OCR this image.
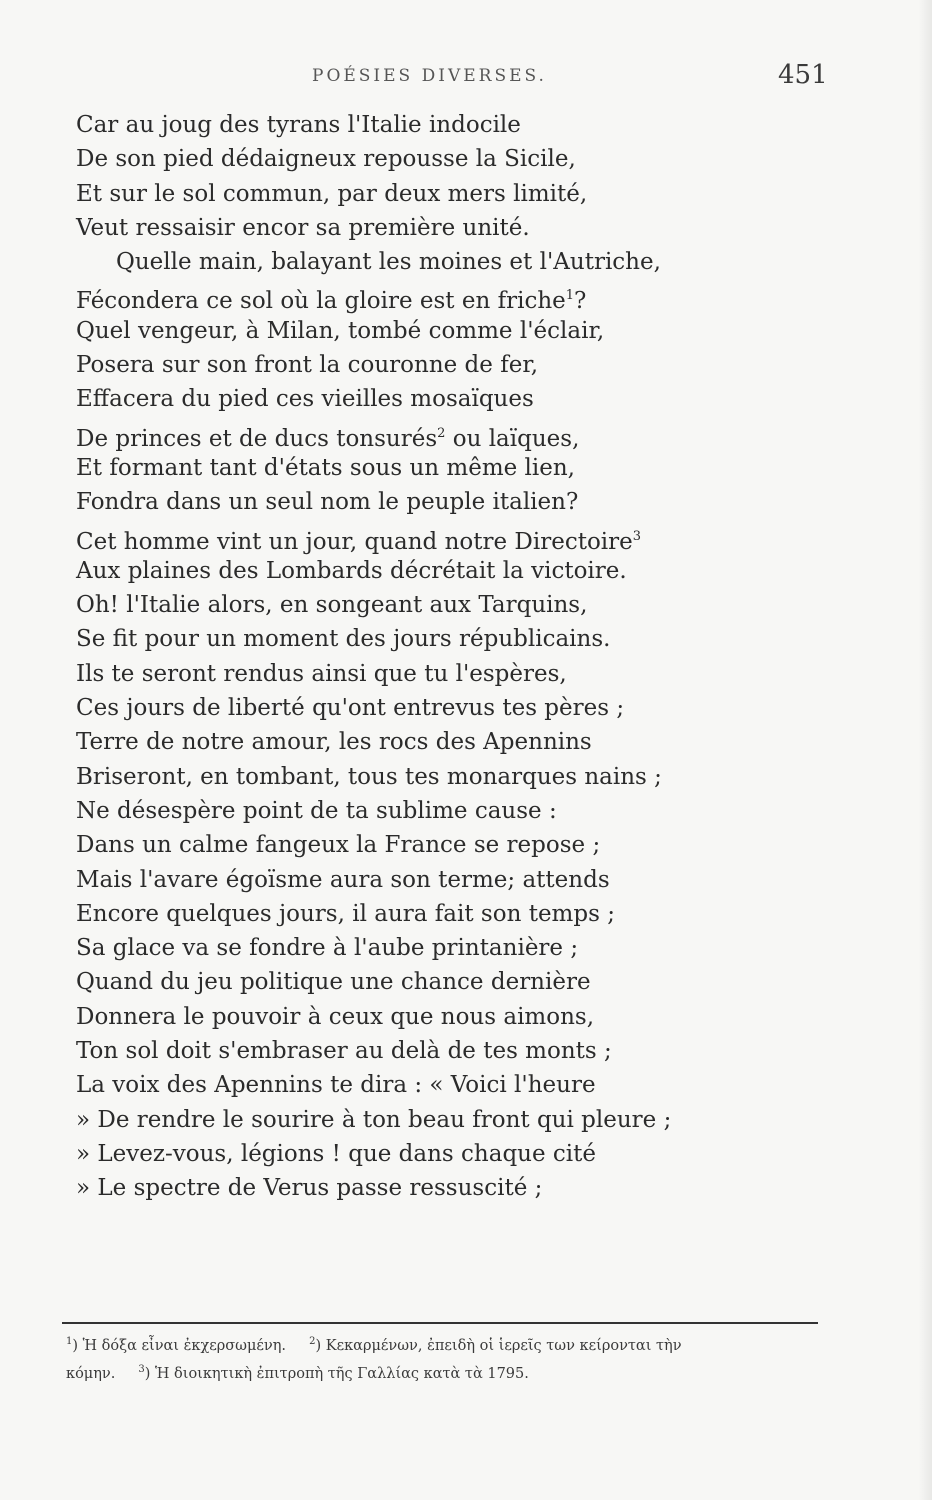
POÉSIES DIVERSES.	451
Car au joug des tyrans l'Italie indocile
De son pied dédaigneux repousse la Sicile,
Et sur le sol commun, par deux mers limité,
Veut ressaisir encor sa première unité.
Quelle main, balayant les moines et l'Autriche,
Fécondera ce sol où la gloire est en friche$^1$?
Quel vengeur, à Milan, tombé comme l'éclair,
Posera sur son front la couronne de fer,
Effacera du pied ces vieilles mosaïques
De princes et de ducs tonsurés$^2$ ou laïques,
Et formant tant d'états sous un même lien,
Fondra dans un seul nom le peuple italien?
Cet homme vint un jour, quand notre Directoire$^3$
Aux plaines des Lombards décrétait la victoire.
Oh! l'Italie alors, en songeant aux Tarquins,
Se fit pour un moment des jours républicains.
Ils te seront rendus ainsi que tu l'espères,
Ces jours de liberté qu'ont entrevus tes pères ;
Terre de notre amour, les rocs des Apennins
Briseront, en tombant, tous tes monarques nains ;
Ne désespère point de ta sublime cause :
Dans un calme fangeux la France se repose ;
Mais l'avare égoïsme aura son terme; attends
Encore quelques jours, il aura fait son temps ;
Sa glace va se fondre à l'aube printanière ;
Quand du jeu politique une chance dernière
Donnera le pouvoir à ceux que nous aimons,
Ton sol doit s'embraser au delà de tes monts ;
La voix des Apennins te dira : « Voici l'heure
» De rendre le sourire à ton beau front qui pleure ;
» Levez-vous, légions ! que dans chaque cité
» Le spectre de Verus passe ressuscité ;
$^1$) Ἡ δόξα εἶναι ἐκχερσωμένη. $^2$) Κεκαρμένων, ἐπειδὴ οἱ ἱερεῖς των κείρονται τὴν
κόμην. $^3$) Ἡ διοικητικὴ ἐπιτροπὴ τῆς Γαλλίας κατὰ τὰ 1795.
